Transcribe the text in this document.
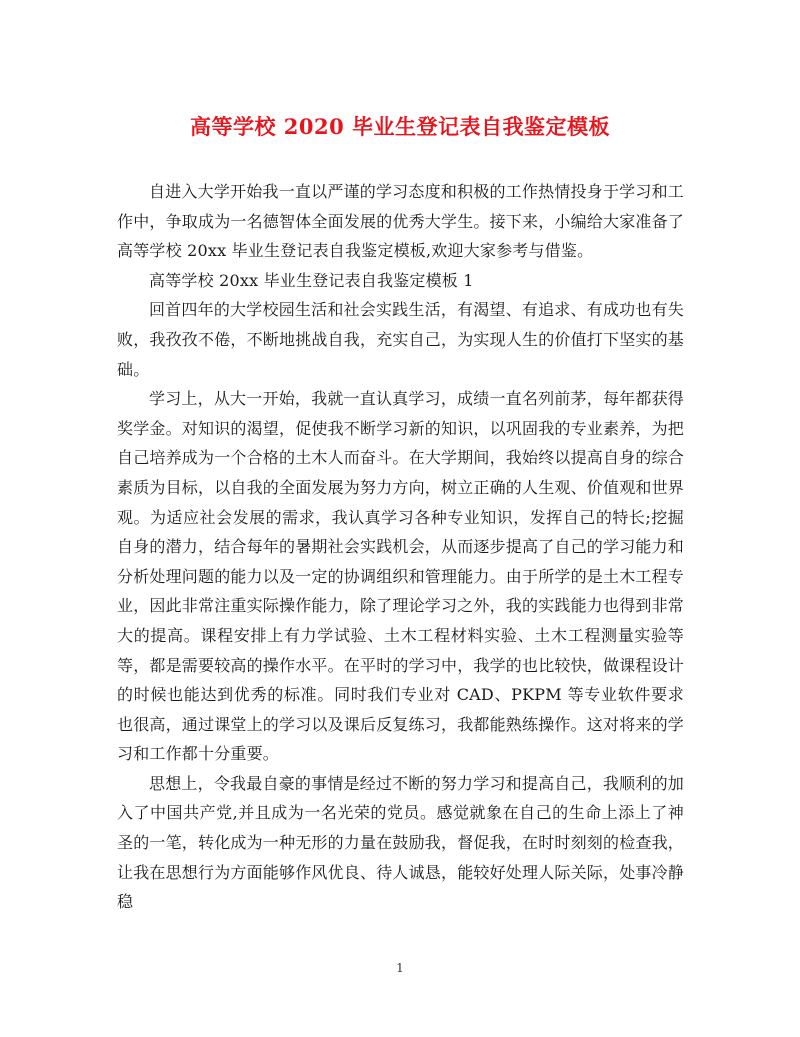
高等学校 2020 毕业生登记表自我鉴定模板

自进入大学开始我一直以严谨的学习态度和积极的工作热情投身于学习和工作中，争取成为一名德智体全面发展的优秀大学生。接下来，小编给大家准备了高等学校 20xx 毕业生登记表自我鉴定模板,欢迎大家参考与借鉴。

高等学校 20xx 毕业生登记表自我鉴定模板 1

回首四年的大学校园生活和社会实践生活，有渴望、有追求、有成功也有失败，我孜孜不倦，不断地挑战自我，充实自己，为实现人生的价值打下坚实的基础。

学习上，从大一开始，我就一直认真学习，成绩一直名列前茅，每年都获得奖学金。对知识的渴望，促使我不断学习新的知识，以巩固我的专业素养，为把自己培养成为一个合格的土木人而奋斗。在大学期间，我始终以提高自身的综合素质为目标，以自我的全面发展为努力方向，树立正确的人生观、价值观和世界观。为适应社会发展的需求，我认真学习各种专业知识，发挥自己的特长;挖掘自身的潜力，结合每年的暑期社会实践机会，从而逐步提高了自己的学习能力和分析处理问题的能力以及一定的协调组织和管理能力。由于所学的是土木工程专业，因此非常注重实际操作能力，除了理论学习之外，我的实践能力也得到非常大的提高。课程安排上有力学试验、土木工程材料实验、土木工程测量实验等等，都是需要较高的操作水平。在平时的学习中，我学的也比较快，做课程设计的时候也能达到优秀的标准。同时我们专业对 CAD、PKPM 等专业软件要求也很高，通过课堂上的学习以及课后反复练习，我都能熟练操作。这对将来的学习和工作都十分重要。

思想上，令我最自豪的事情是经过不断的努力学习和提高自己，我顺利的加入了中国共产党,并且成为一名光荣的党员。感觉就象在自己的生命上添上了神圣的一笔，转化成为一种无形的力量在鼓励我，督促我，在时时刻刻的检查我，让我在思想行为方面能够作风优良、待人诚恳，能较好处理人际关际，处事冷静稳

1
